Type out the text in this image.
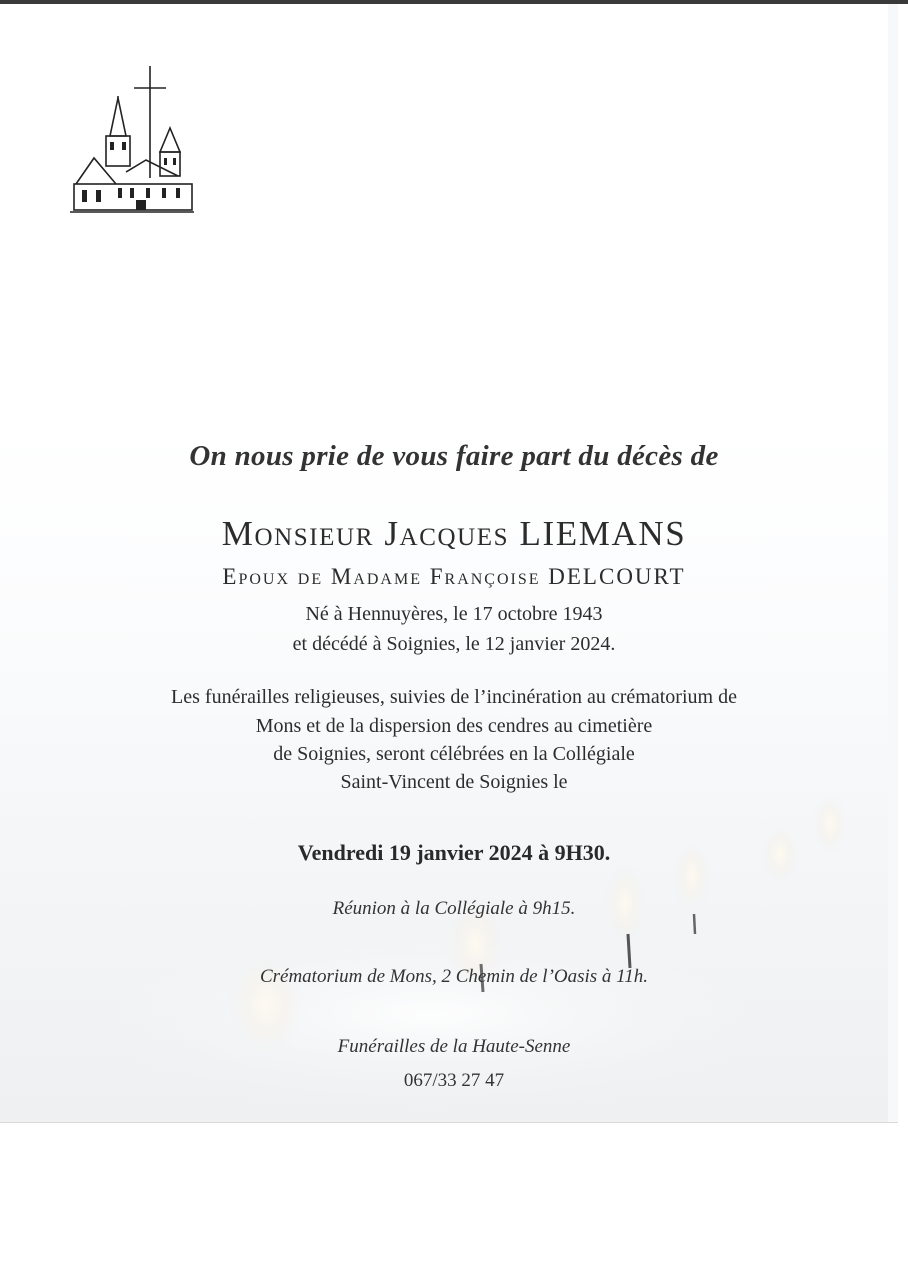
On nous prie de vous faire part du décès de
Monsieur Jacques LIEMANS
Epoux de Madame Françoise DELCOURT
Né à Hennuyères, le 17 octobre 1943
et décédé à Soignies, le 12 janvier 2024.
Les funérailles religieuses, suivies de l’incinération au crématorium de
Mons et de la dispersion des cendres au cimetière
de Soignies, seront célébrées en la Collégiale
Saint-Vincent de Soignies le
Vendredi 19 janvier 2024 à 9H30.
Réunion à la Collégiale à 9h15.
Crématorium de Mons, 2 Chemin de l’Oasis à 11h.
Funérailles de la Haute-Senne
067/33 27 47
